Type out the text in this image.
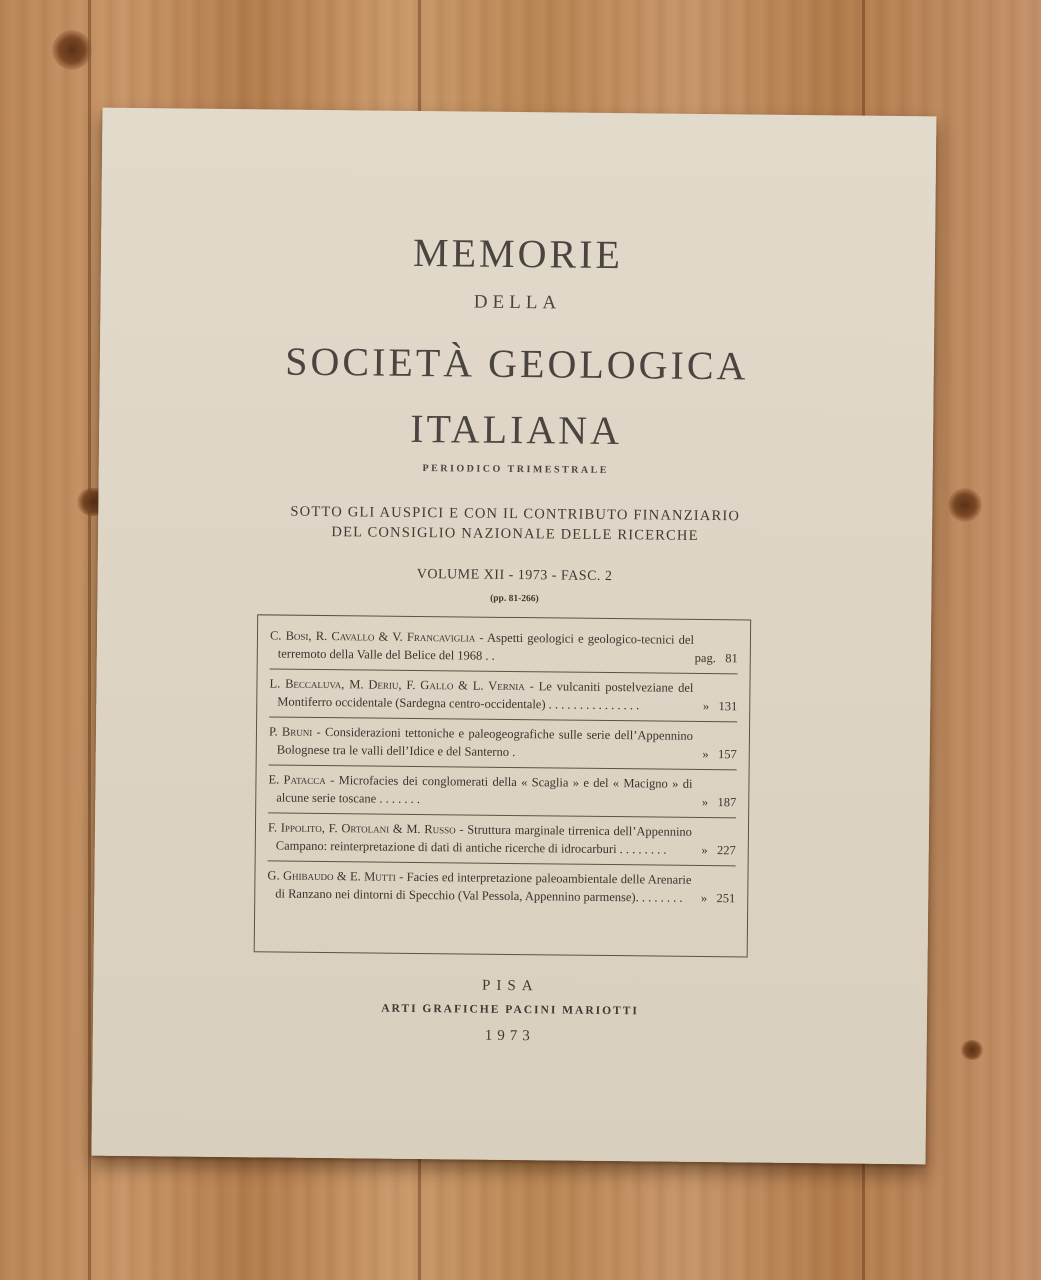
MEMORIE
DELLA
SOCIETÀ GEOLOGICA
ITALIANA
PERIODICO TRIMESTRALE
SOTTO GLI AUSPICI E CON IL CONTRIBUTO FINANZIARIO
DEL CONSIGLIO NAZIONALE DELLE RICERCHE
VOLUME XII - 1973 - FASC. 2
(pp. 81-266)
C. Bosi, R. Cavallo & V. Francaviglia - Aspetti geologici e geologico-tecnici del terremoto della Valle del Belice del 1968 . .	pag. 81
L. Beccaluva, M. Deriu, F. Gallo & L. Vernia - Le vulcaniti postelveziane del Montiferro occidentale (Sardegna centro-occidentale) . . . . . . . . . . . . . . .	» 131
P. Bruni - Considerazioni tettoniche e paleogeografiche sulle serie dell’Appennino Bolognese tra le valli dell’Idice e del Santerno .	» 157
E. Patacca - Microfacies dei conglomerati della « Scaglia » e del « Macigno » di alcune serie toscane . . . . . . .	» 187
F. Ippolito, F. Ortolani & M. Russo - Struttura marginale tirrenica dell’Appennino Campano: reinterpretazione di dati di antiche ricerche di idrocarburi . . . . . . . .	» 227
G. Ghibaudo & E. Mutti - Facies ed interpretazione paleoambientale delle Arenarie di Ranzano nei dintorni di Specchio (Val Pessola, Appennino parmense). . . . . . . .	» 251
PISA
ARTI GRAFICHE PACINI MARIOTTI
1973
